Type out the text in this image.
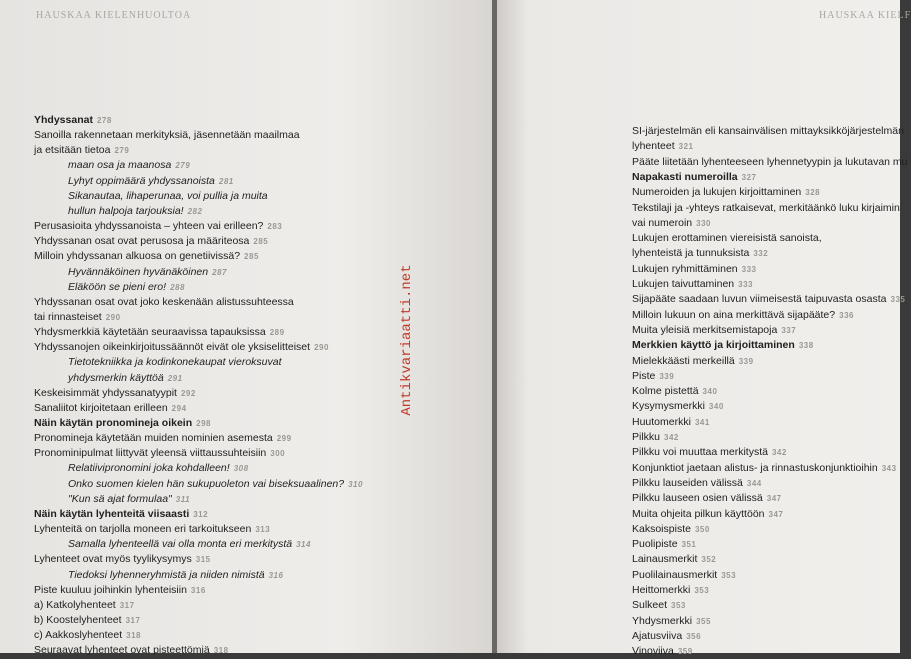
HAUSKAA KIELENHUOLTOA
Yhdyssanat 278
Sanoilla rakennetaan merkityksiä, jäsennetään maailmaa
ja etsitään tietoa 279
maan osa ja maanosa 279
Lyhyt oppimäärä yhdyssanoista 281
Sikanautaa, lihaperunaa, voi pullia ja muita
hullun halpoja tarjouksia! 282
Perusasioita yhdyssanoista – yhteen vai erilleen? 283
Yhdyssanan osat ovat perusosa ja määriteosa 285
Milloin yhdyssanan alkuosa on genetiivissä? 285
Hyvännäköinen hyvänäköinen 287
Eläköön se pieni ero! 288
Yhdyssanan osat ovat joko keskenään alistussuhteessa
tai rinnasteiset 290
Yhdysmerkkiä käytetään seuraavissa tapauksissa 289
Yhdyssanojen oikeinkirjoitussäännöt eivät ole yksiselitteiset 290
Tietotekniikka ja kodinkonekaupat vieroksuvat
yhdysmerkin käyttöä 291
Keskeisimmät yhdyssanatyypit 292
Sanaliitot kirjoitetaan erilleen 294
Näin käytän pronomineja oikein 298
Pronomineja käytetään muiden nominien asemesta 299
Pronominipulmat liittyvät yleensä viittaussuhteisiin 300
Relatiivipronomini joka kohdalleen! 308
Onko suomen kielen hän sukupuoleton vai biseksuaalinen? 310
"Kun sä ajat formulaa" 311
Näin käytän lyhenteitä viisaasti 312
Lyhenteitä on tarjolla moneen eri tarkoitukseen 313
Samalla lyhenteellä vai olla monta eri merkitystä 314
Lyhenteet ovat myös tyylikysymys 315
Tiedoksi lyhenneryhmistä ja niiden nimistä 316
Piste kuuluu joihinkin lyhenteisiin 316
a) Katkolyhenteet 317
b) Koostelyhenteet 317
c) Aakkoslyhenteet 318
Seuraavat lyhenteet ovat pisteettömiä 318
HAUSKAA KIELF
SI-järjestelmän eli kansainvälisen mittayksikköjärjestelmän
lyhenteet 321
Pääte liitetään lyhenteeseen lyhennetyypin ja lukutavan mu
Napakasti numeroilla 327
Numeroiden ja lukujen kirjoittaminen 328
Tekstilaji ja -yhteys ratkaisevat, merkitäänkö luku kirjaimin
vai numeroin 330
Lukujen erottaminen viereisistä sanoista,
lyhenteistä ja tunnuksista 332
Lukujen ryhmittäminen 333
Lukujen taivuttaminen 333
Sijapääte saadaan luvun viimeisestä taipuvasta osasta 335
Milloin lukuun on aina merkittävä sijapääte? 336
Muita yleisiä merkitsemistapoja 337
Merkkien käyttö ja kirjoittaminen 338
Mielekkäästi merkeillä 339
Piste 339
Kolme pistettä 340
Kysymysmerkki 340
Huutomerkki 341
Pilkku 342
Pilkku voi muuttaa merkitystä 342
Konjunktiot jaetaan alistus- ja rinnastuskonjunktioihin 343
Pilkku lauseiden välissä 344
Pilkku lauseen osien välissä 347
Muita ohjeita pilkun käyttöön 347
Kaksoispiste 350
Puolipiste 351
Lainausmerkit 352
Puolilainausmerkit 353
Heittomerkki 353
Sulkeet 353
Yhdysmerkki 355
Ajatusviiva 356
Vinoviiva 359
Antikvariaatti.net
